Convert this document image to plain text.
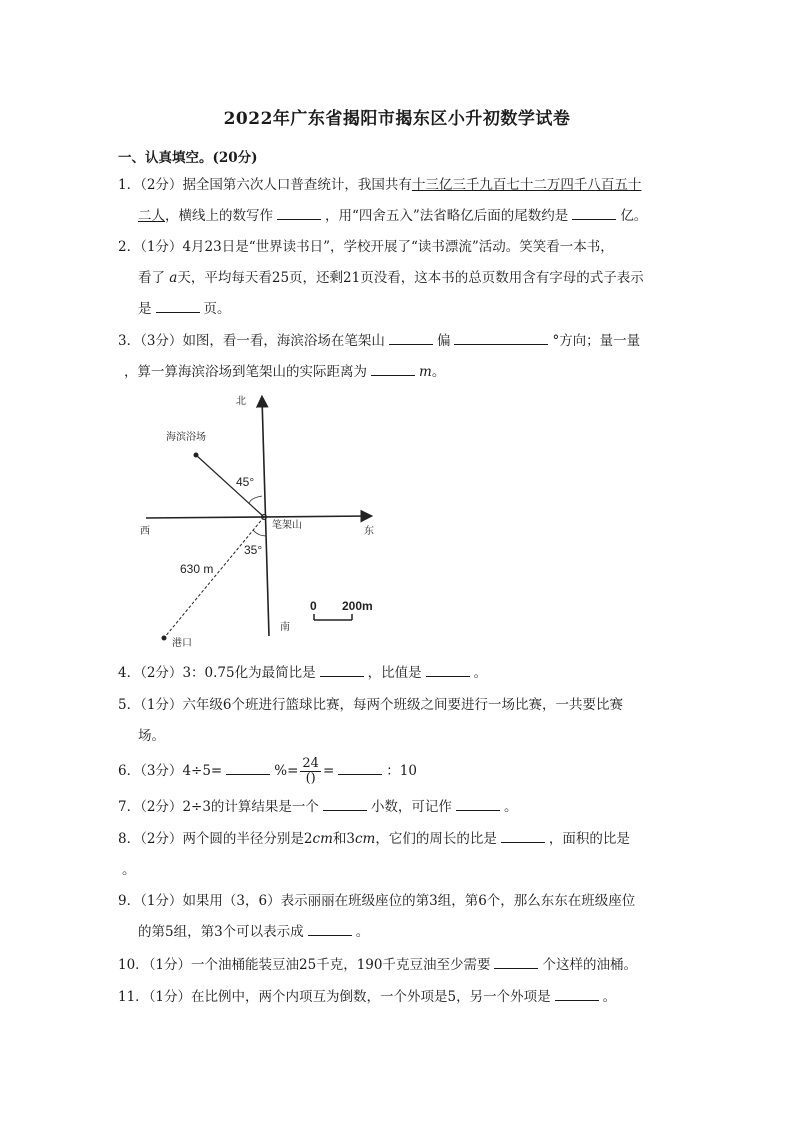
2022年广东省揭阳市揭东区小升初数学试卷
一、认真填空。(20分)
1．（2分）据全国第六次人口普查统计，我国共有十三亿三千九百七十二万四千八百五十
二人，横线上的数写作	，用“四舍五入”法省略亿后面的尾数约是	亿。
2．（1分）4月23日是“世界读书日”，学校开展了“读书漂流”活动。笑笑看一本书，
看了 a天，平均每天看25页，还剩21页没看，这本书的总页数用含有字母的式子表示
是	页。
3．（3分）如图，看一看，海滨浴场在笔架山	偏	°方向；量一量
，算一算海滨浴场到笔架山的实际距离为	m。
北
南
东
西
海滨浴场
笔架山
港口
45°
35°
630 m
0 200m
4．（2分）3：0.75化为最简比是	，比值是	。
5．（1分）六年级6个班进行篮球比赛，每两个班级之间要进行一场比赛，一共要比赛
场。
6．（3分）4÷5=	%= $\frac{24}{()}$ =	：10
7．（2分）2÷3的计算结果是一个	小数，可记作	。
8．（2分）两个圆的半径分别是2cm和3cm，它们的周长的比是	，面积的比是
。
9．（1分）如果用（3，6）表示丽丽在班级座位的第3组，第6个，那么东东在班级座位
的第5组，第3个可以表示成	。
10．（1分）一个油桶能装豆油25千克，190千克豆油至少需要	个这样的油桶。
11．（1分）在比例中，两个内项互为倒数，一个外项是5，另一个外项是	。
